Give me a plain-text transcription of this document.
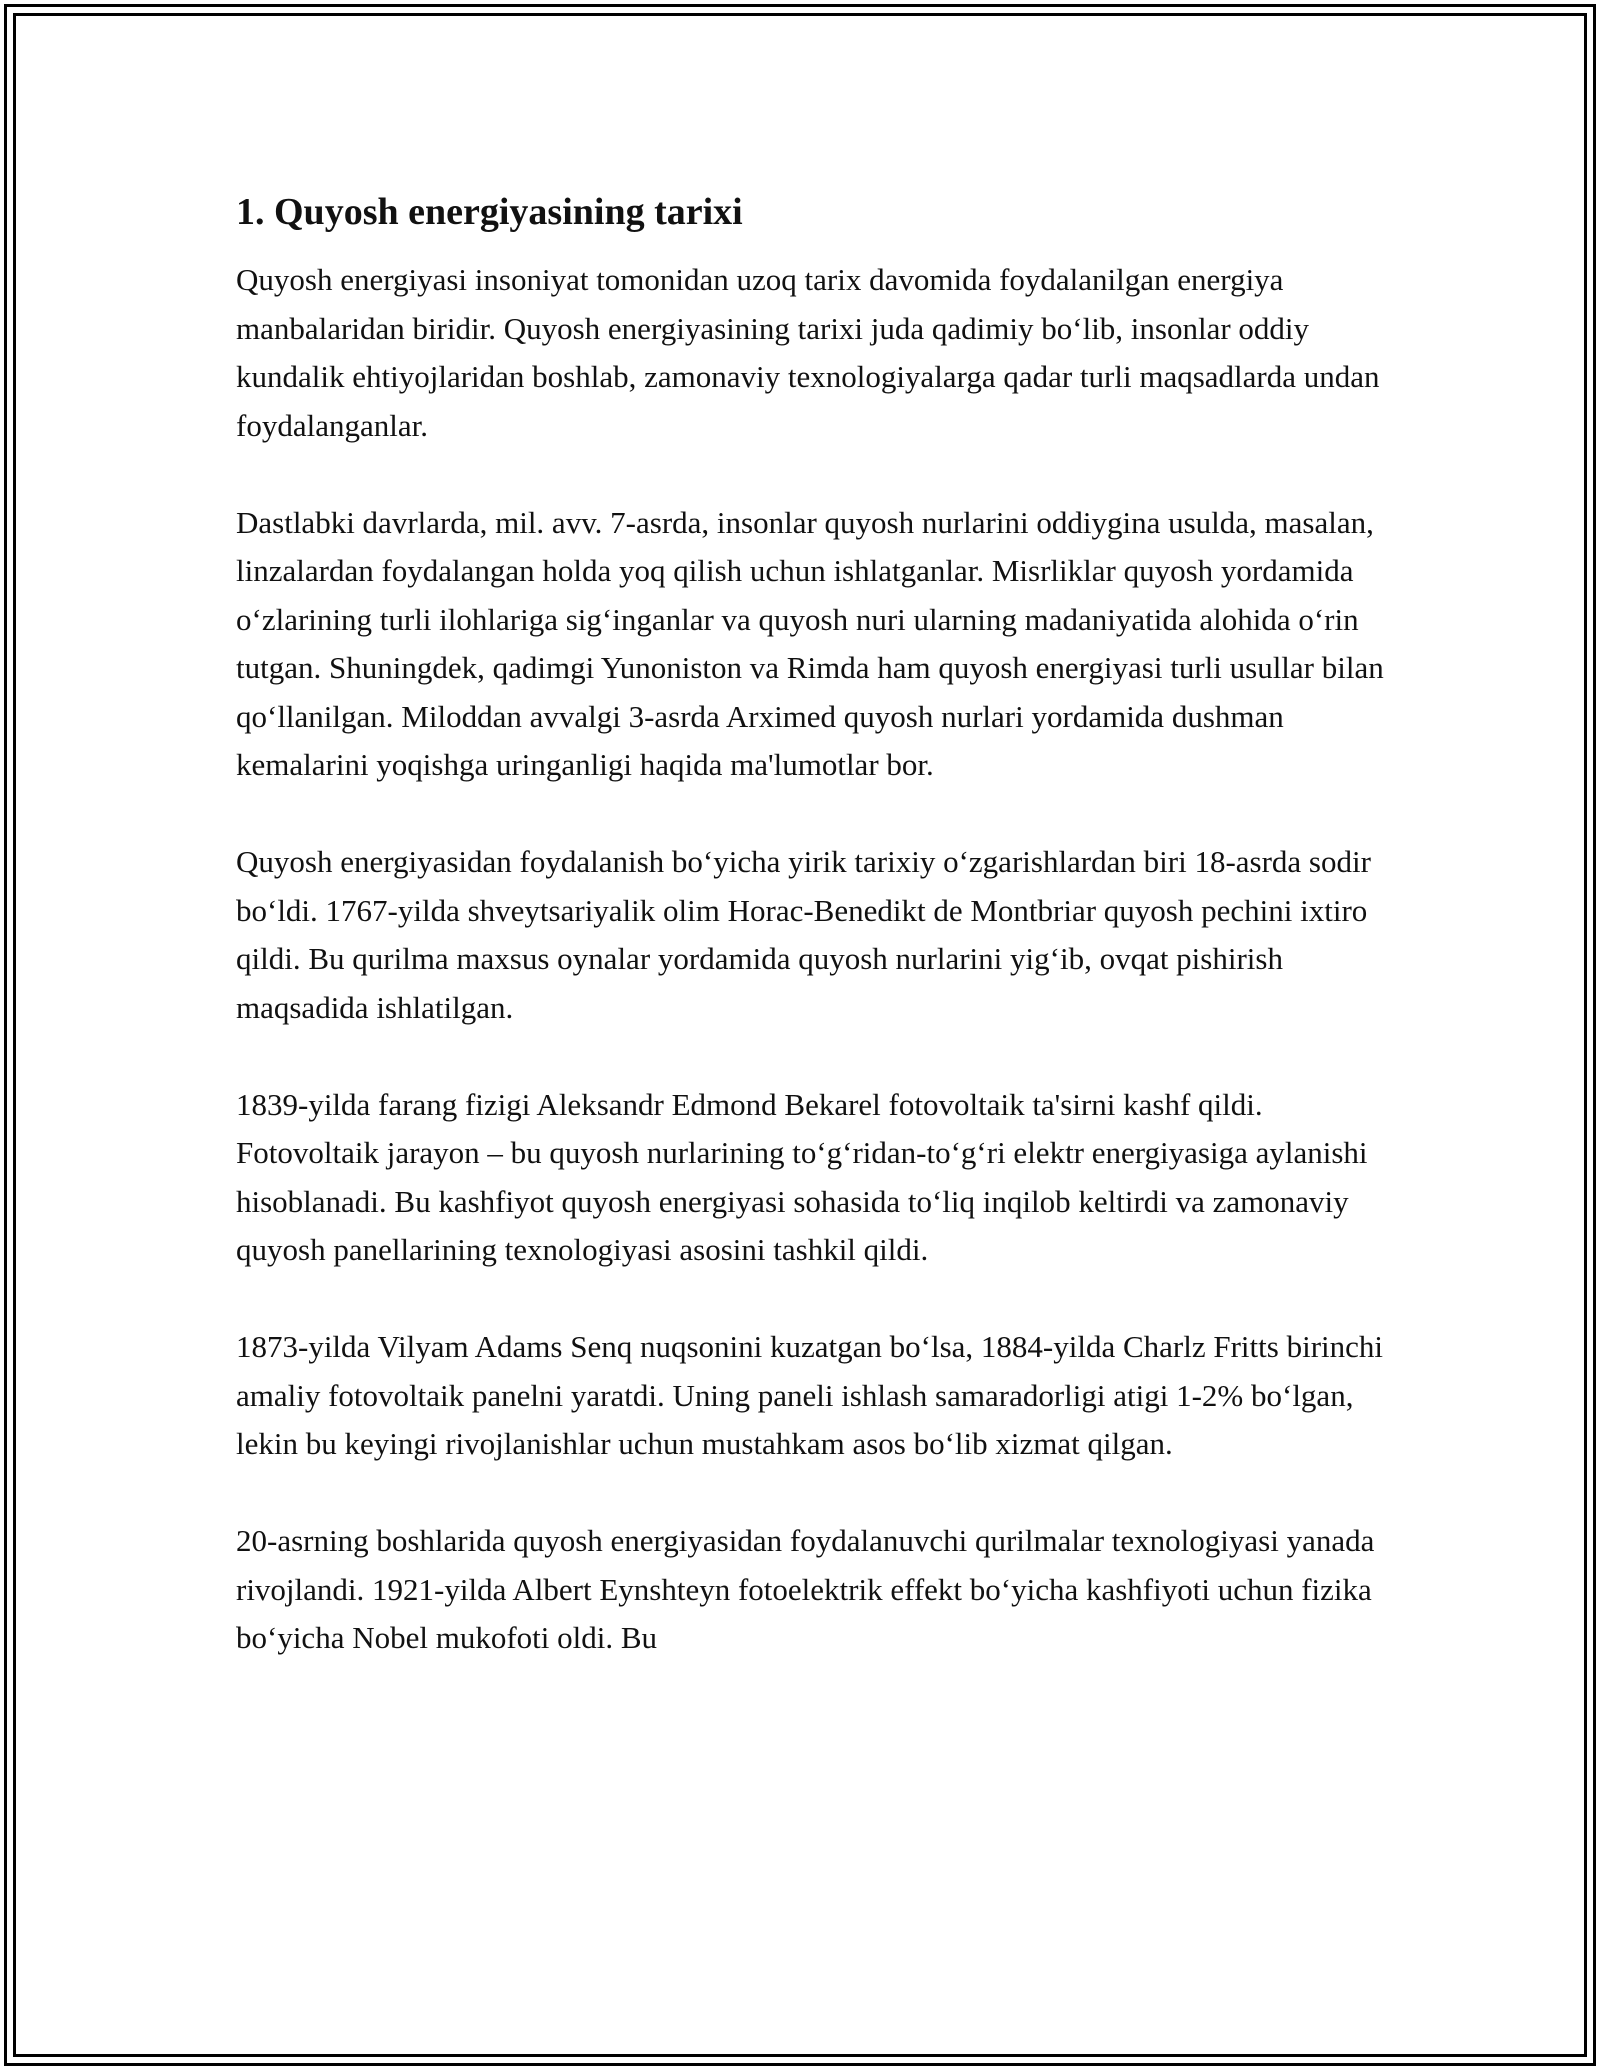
1. Quyosh energiyasining tarixi

Quyosh energiyasi insoniyat tomonidan uzoq tarix davomida foydalanilgan energiya manbalaridan biridir. Quyosh energiyasining tarixi juda qadimiy bo‘lib, insonlar oddiy kundalik ehtiyojlaridan boshlab, zamonaviy texnologiyalarga qadar turli maqsadlarda undan foydalanganlar.

Dastlabki davrlarda, mil. avv. 7-asrda, insonlar quyosh nurlarini oddiygina usulda, masalan, linzalardan foydalangan holda yoq qilish uchun ishlatganlar. Misrliklar quyosh yordamida o‘zlarining turli ilohlariga sig‘inganlar va quyosh nuri ularning madaniyatida alohida o‘rin tutgan. Shuningdek, qadimgi Yunoniston va Rimda ham quyosh energiyasi turli usullar bilan qo‘llanilgan. Miloddan avvalgi 3-asrda Arximed quyosh nurlari yordamida dushman kemalarini yoqishga uringanligi haqida ma'lumotlar bor.

Quyosh energiyasidan foydalanish bo‘yicha yirik tarixiy o‘zgarishlardan biri 18-asrda sodir bo‘ldi. 1767-yilda shveytsariyalik olim Horac-Benedikt de Montbriar quyosh pechini ixtiro qildi. Bu qurilma maxsus oynalar yordamida quyosh nurlarini yig‘ib, ovqat pishirish maqsadida ishlatilgan.

1839-yilda farang fizigi Aleksandr Edmond Bekarel fotovoltaik ta'sirni kashf qildi. Fotovoltaik jarayon – bu quyosh nurlarining to‘g‘ridan-to‘g‘ri elektr energiyasiga aylanishi hisoblanadi. Bu kashfiyot quyosh energiyasi sohasida to‘liq inqilob keltirdi va zamonaviy quyosh panellarining texnologiyasi asosini tashkil qildi.

1873-yilda Vilyam Adams Senq nuqsonini kuzatgan bo‘lsa, 1884-yilda Charlz Fritts birinchi amaliy fotovoltaik panelni yaratdi. Uning paneli ishlash samaradorligi atigi 1-2% bo‘lgan, lekin bu keyingi rivojlanishlar uchun mustahkam asos bo‘lib xizmat qilgan.

20-asrning boshlarida quyosh energiyasidan foydalanuvchi qurilmalar texnologiyasi yanada rivojlandi. 1921-yilda Albert Eynshteyn fotoelektrik effekt bo‘yicha kashfiyoti uchun fizika bo‘yicha Nobel mukofoti oldi. Bu
